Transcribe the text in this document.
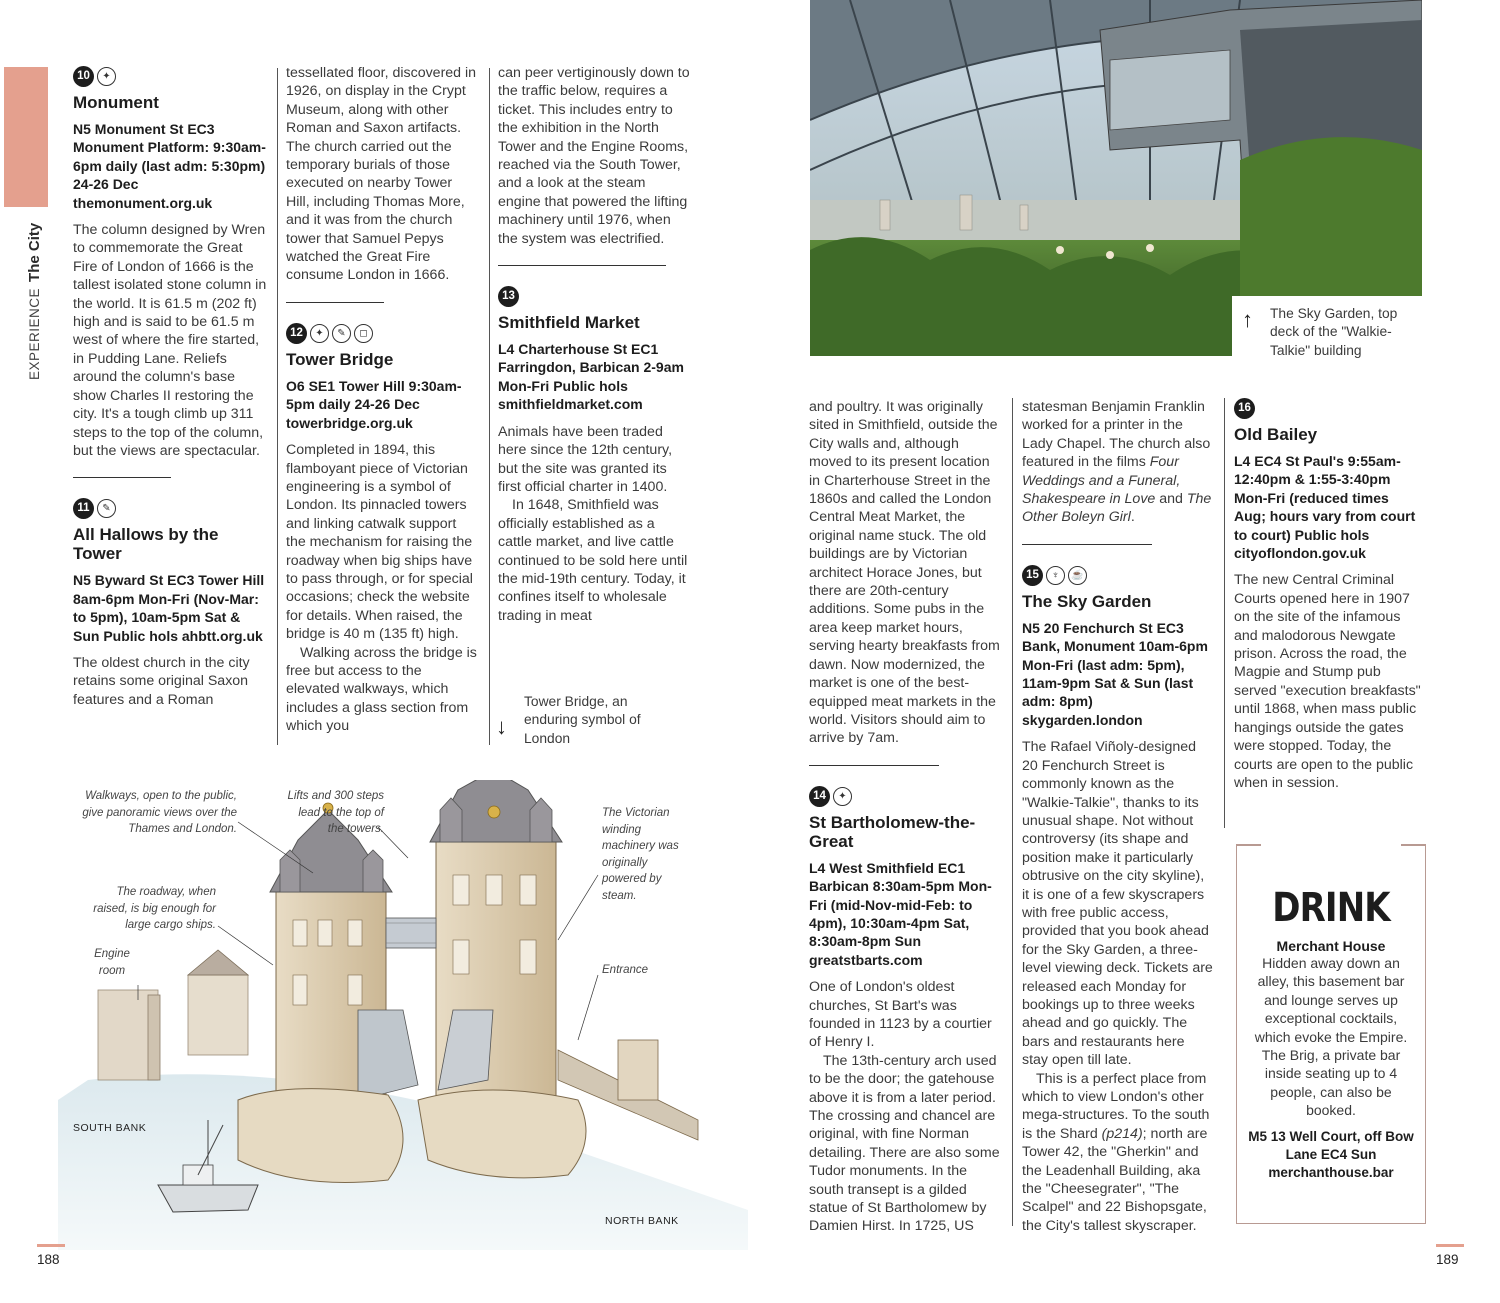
EXPERIENCEThe City
10 ✦
Monument
N5 Monument St EC3 Monument Platform: 9:30am-6pm daily (last adm: 5:30pm) 24-26 Dec themonument.org.uk
The column designed by Wren to commemorate the Great Fire of London of 1666 is the tallest isolated stone column in the world. It is 61.5 m (202 ft) high and is said to be 61.5 m west of where the fire started, in Pudding Lane. Reliefs around the column's base show Charles II restoring the city. It's a tough climb up 311 steps to the top of the column, but the views are spectacular.
11 ✎
All Hallows by the Tower
N5 Byward St EC3 Tower Hill 8am-6pm Mon-Fri (Nov-Mar: to 5pm), 10am-5pm Sat & Sun Public hols ahbtt.org.uk
The oldest church in the city retains some original Saxon features and a Roman
tessellated floor, discovered in 1926, on display in the Crypt Museum, along with other Roman and Saxon artifacts. The church carried out the temporary burials of those executed on nearby Tower Hill, including Thomas More, and it was from the church tower that Samuel Pepys watched the Great Fire consume London in 1666.
12 ✦ ✎ ◻
Tower Bridge
O6 SE1 Tower Hill 9:30am-5pm daily 24-26 Dec towerbridge.org.uk
Completed in 1894, this flamboyant piece of Victorian engineering is a symbol of London. Its pinnacled towers and linking catwalk support the mechanism for raising the roadway when big ships have to pass through, or for special occasions; check the website for details. When raised, the bridge is 40 m (135 ft) high.
Walking across the bridge is free but access to the elevated walkways, which includes a glass section from which you
can peer vertiginously down to the traffic below, requires a ticket. This includes entry to the exhibition in the North Tower and the Engine Rooms, reached via the South Tower, and a look at the steam engine that powered the lifting machinery until 1976, when the system was electrified.
13
Smithfield Market
L4 Charterhouse St EC1 Farringdon, Barbican 2-9am Mon-Fri Public hols smithfieldmarket.com
Animals have been traded here since the 12th century, but the site was granted its first official charter in 1400.
In 1648, Smithfield was officially established as a cattle market, and live cattle continued to be sold here until the mid-19th century. Today, it confines itself to wholesale trading in meat
↓
Tower Bridge, an enduring symbol of London
Walkways, open to the public, give panoramic views over the Thames and London.
Lifts and 300 steps lead to the top of the towers.
The Victorian winding machinery was originally powered by steam.
The roadway, when raised, is big enough for large cargo ships.
Engine room	Entrance
SOUTH BANK
NORTH BANK
188
↑ The Sky Garden, top deck of the "Walkie-Talkie" building
and poultry. It was originally sited in Smithfield, outside the City walls and, although moved to its present location in Charterhouse Street in the 1860s and called the London Central Meat Market, the original name stuck. The old buildings are by Victorian architect Horace Jones, but there are 20th-century additions. Some pubs in the area keep market hours, serving hearty breakfasts from dawn. Now modernized, the market is one of the best-equipped meat markets in the world. Visitors should aim to arrive by 7am.
14 ✦
St Bartholomew-the-Great
L4 West Smithfield EC1 Barbican 8:30am-5pm Mon-Fri (mid-Nov-mid-Feb: to 4pm), 10:30am-4pm Sat, 8:30am-8pm Sun greatstbarts.com
One of London's oldest churches, St Bart's was founded in 1123 by a courtier of Henry I.
The 13th-century arch used to be the door; the gatehouse above it is from a later period. The crossing and chancel are original, with fine Norman detailing. There are also some Tudor monuments. In the south transept is a gilded statue of St Bartholomew by Damien Hirst. In 1725, US
statesman Benjamin Franklin worked for a printer in the Lady Chapel. The church also featured in the films Four Weddings and a Funeral, Shakespeare in Love and The Other Boleyn Girl.
15 ♆ ☕
The Sky Garden
N5 20 Fenchurch St EC3 Bank, Monument 10am-6pm Mon-Fri (last adm: 5pm), 11am-9pm Sat & Sun (last adm: 8pm) skygarden.london
The Rafael Viñoly-designed 20 Fenchurch Street is commonly known as the "Walkie-Talkie", thanks to its unusual shape. Not without controversy (its shape and position make it particularly obtrusive on the city skyline), it is one of a few skyscrapers with free public access, provided that you book ahead for the Sky Garden, a three-level viewing deck. Tickets are released each Monday for bookings up to three weeks ahead and go quickly. The bars and restaurants here stay open till late.
This is a perfect place from which to view London's other mega-structures. To the south is the Shard (p214); north are Tower 42, the "Gherkin" and the Leadenhall Building, aka the "Cheesegrater", "The Scalpel" and 22 Bishopsgate, the City's tallest skyscraper.
16
Old Bailey
L4 EC4 St Paul's 9:55am-12:40pm & 1:55-3:40pm Mon-Fri (reduced times Aug; hours vary from court to court) Public hols cityoflondon.gov.uk
The new Central Criminal Courts opened here in 1907 on the site of the infamous and malodorous Newgate prison. Across the road, the Magpie and Stump pub served "execution breakfasts" until 1868, when mass public hangings outside the gates were stopped. Today, the courts are open to the public when in session.
DRINK
Merchant House
Hidden away down an alley, this basement bar and lounge serves up exceptional cocktails, which evoke the Empire. The Brig, a private bar inside seating up to 4 people, can also be booked.
M5 13 Well Court, off Bow Lane EC4 Sun merchanthouse.bar
189
